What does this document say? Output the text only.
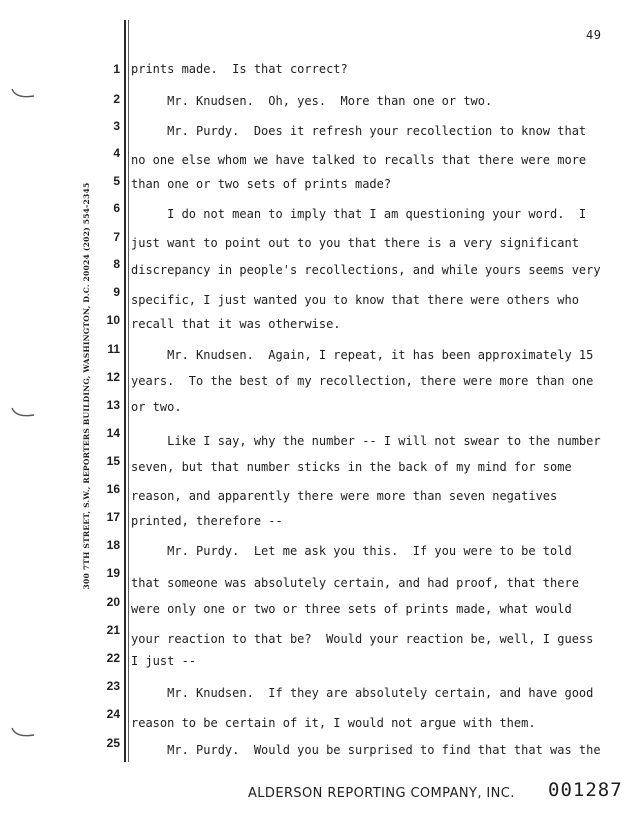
49
300 7TH STREET, S.W., REPORTERS BUILDING, WASHINGTON, D.C. 20024 (202) 554-2345
1 prints made.  Is that correct?
2 Mr. Knudsen.  Oh, yes.  More than one or two.
3 Mr. Purdy.  Does it refresh your recollection to know that
4 no one else whom we have talked to recalls that there were more
5 than one or two sets of prints made?
6 I do not mean to imply that I am questioning your word.  I
7 just want to point out to you that there is a very significant
8 discrepancy in people's recollections, and while yours seems very
9
specific, I just wanted you to know that there were others who
10 recall that it was otherwise.
11 Mr. Knudsen.  Again, I repeat, it has been approximately 15
12 years.  To the best of my recollection, there were more than one
13 or two.
14
Like I say, why the number -- I will not swear to the number
15 seven, but that number sticks in the back of my mind for some
16 reason, and apparently there were more than seven negatives
17 printed, therefore --
18 Mr. Purdy.  Let me ask you this.  If you were to be told
19
that someone was absolutely certain, and had proof, that there
20 were only one or two or three sets of prints made, what would
21
your reaction to that be?  Would your reaction be, well, I guess
22 I just --
23 Mr. Knudsen.  If they are absolutely certain, and have good
24
reason to be certain of it, I would not argue with them.
25 Mr. Purdy.  Would you be surprised to find that that was the
ALDERSON REPORTING COMPANY, INC. 001287
